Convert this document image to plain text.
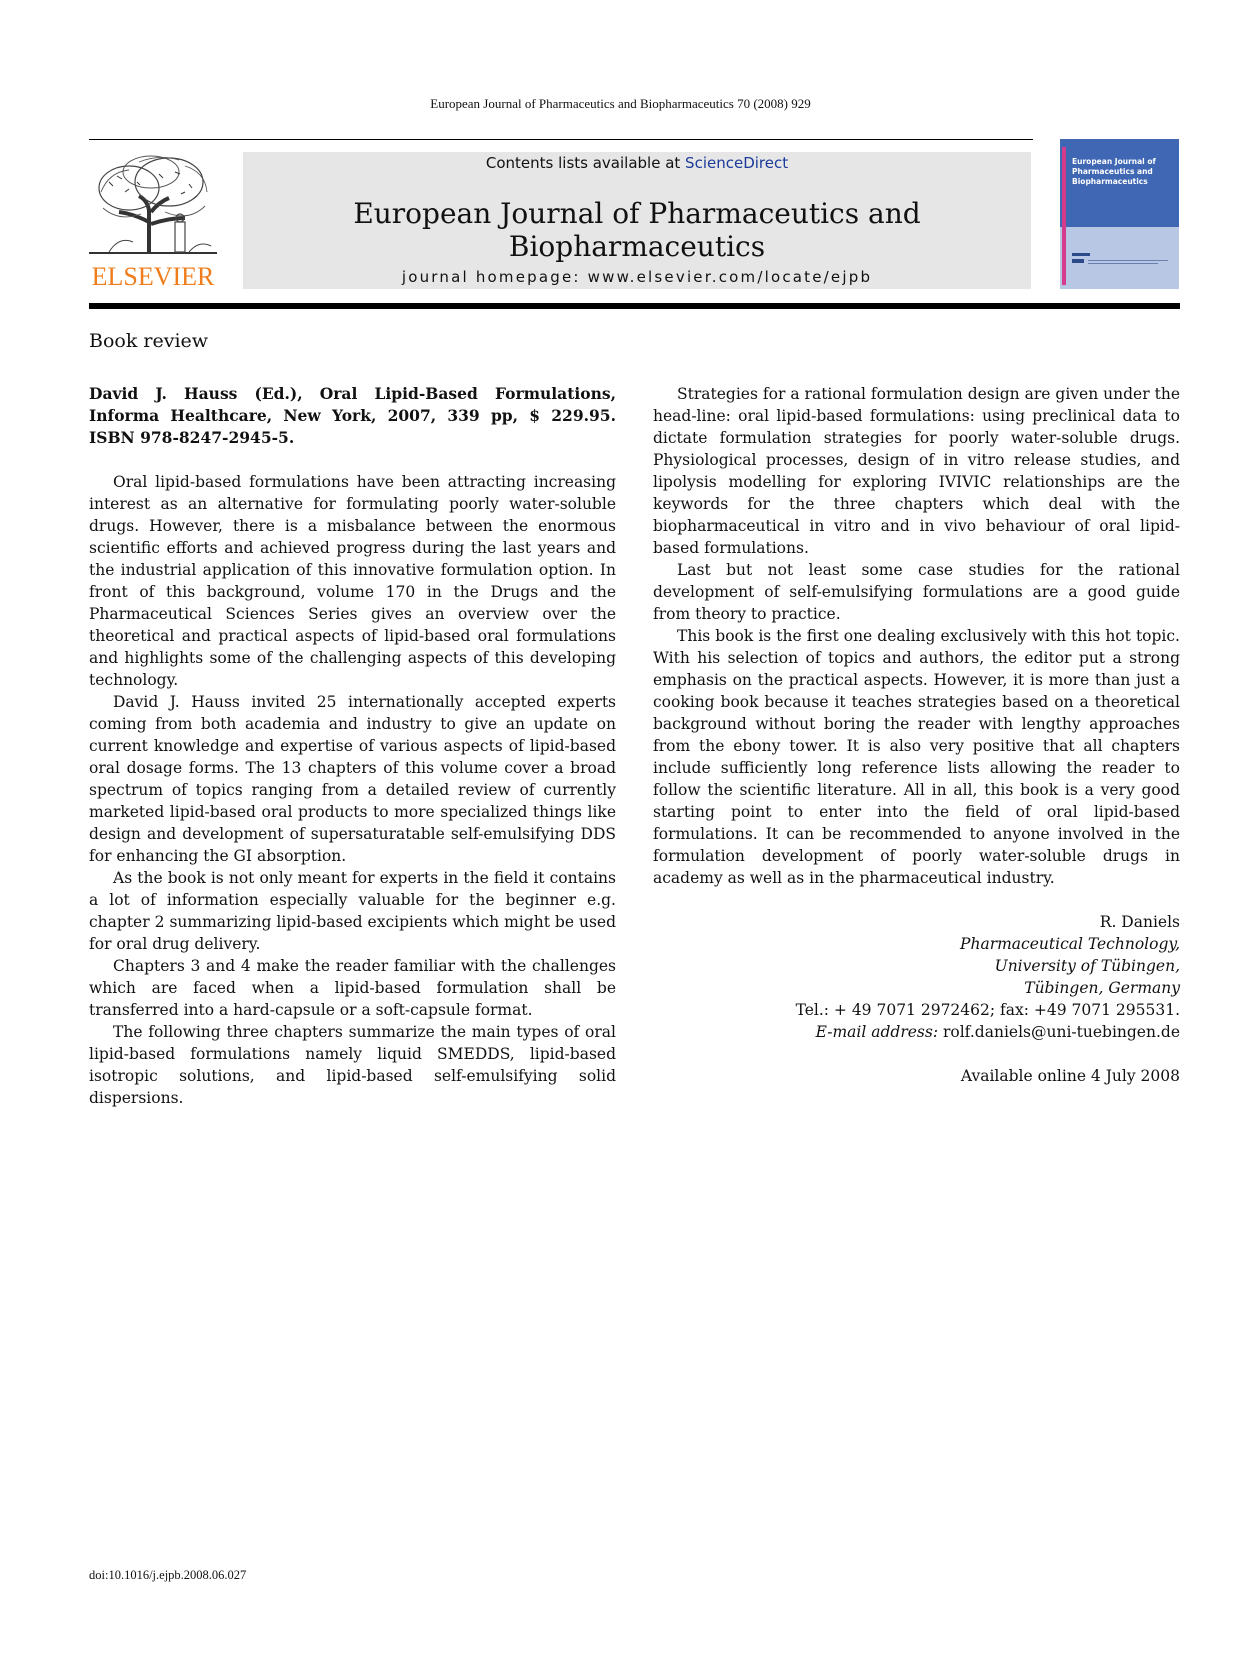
European Journal of Pharmaceutics and Biopharmaceutics 70 (2008) 929
ELSEVIER
Contents lists available at ScienceDirect
European Journal of Pharmaceutics and Biopharmaceutics
journal homepage: www.elsevier.com/locate/ejpb
European Journal of Pharmaceutics and Biopharmaceutics
Book review

David J. Hauss (Ed.), Oral Lipid-Based Formulations, Informa Healthcare, New York, 2007, 339 pp, $ 229.95. ISBN 978-8247-2945-5.

Oral lipid-based formulations have been attracting increasing interest as an alternative for formulating poorly water-soluble drugs. However, there is a misbalance between the enormous scientific efforts and achieved progress during the last years and the industrial application of this innovative formulation option. In front of this background, volume 170 in the Drugs and the Pharmaceutical Sciences Series gives an overview over the theoretical and practical aspects of lipid-based oral formulations and highlights some of the challenging aspects of this developing technology.

David J. Hauss invited 25 internationally accepted experts coming from both academia and industry to give an update on current knowledge and expertise of various aspects of lipid-based oral dosage forms. The 13 chapters of this volume cover a broad spectrum of topics ranging from a detailed review of currently marketed lipid-based oral products to more specialized things like design and development of supersaturatable self-emulsifying DDS for enhancing the GI absorption.

As the book is not only meant for experts in the field it contains a lot of information especially valuable for the beginner e.g. chapter 2 summarizing lipid-based excipients which might be used for oral drug delivery.

Chapters 3 and 4 make the reader familiar with the challenges which are faced when a lipid-based formulation shall be transferred into a hard-capsule or a soft-capsule format.

The following three chapters summarize the main types of oral lipid-based formulations namely liquid SMEDDS, lipid-based isotropic solutions, and lipid-based self-emulsifying solid dispersions.

Strategies for a rational formulation design are given under the head-line: oral lipid-based formulations: using preclinical data to dictate formulation strategies for poorly water-soluble drugs. Physiological processes, design of in vitro release studies, and lipolysis modelling for exploring IVIVIC relationships are the keywords for the three chapters which deal with the biopharmaceutical in vitro and in vivo behaviour of oral lipid-based formulations.

Last but not least some case studies for the rational development of self-emulsifying formulations are a good guide from theory to practice.

This book is the first one dealing exclusively with this hot topic. With his selection of topics and authors, the editor put a strong emphasis on the practical aspects. However, it is more than just a cooking book because it teaches strategies based on a theoretical background without boring the reader with lengthy approaches from the ebony tower. It is also very positive that all chapters include sufficiently long reference lists allowing the reader to follow the scientific literature. All in all, this book is a very good starting point to enter into the field of oral lipid-based formulations. It can be recommended to anyone involved in the formulation development of poorly water-soluble drugs in academy as well as in the pharmaceutical industry.

R. Daniels
Pharmaceutical Technology,
University of Tübingen,
Tübingen, Germany
Tel.: + 49 7071 2972462; fax: +49 7071 295531.
E-mail address: rolf.daniels@uni-tuebingen.de
Available online 4 July 2008
doi:10.1016/j.ejpb.2008.06.027
